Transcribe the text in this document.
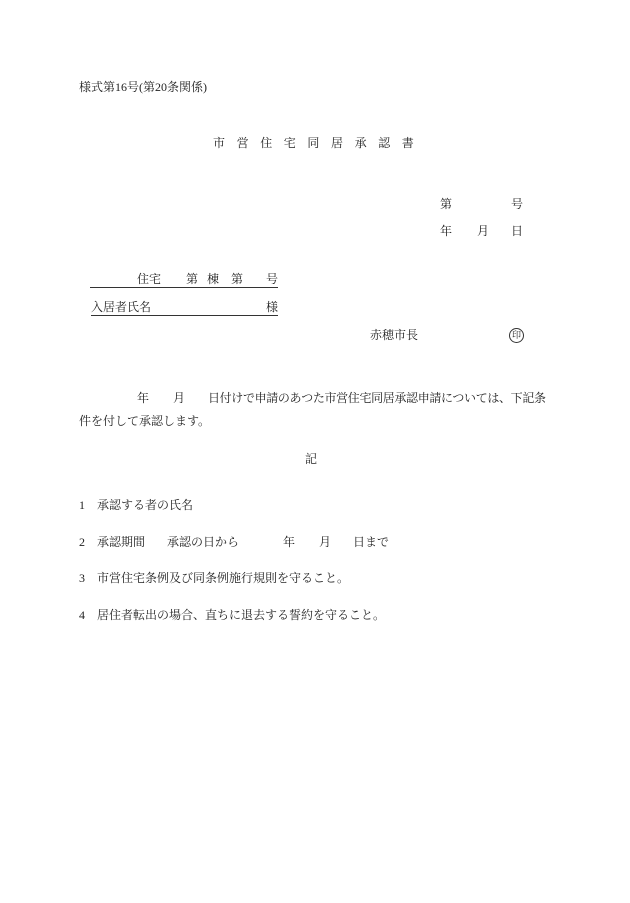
様式第16号(第20条関係)
市営住宅同居承認書
第	号
年 月 日
住宅 第 棟 第 号
入居者氏名	様
赤穂市長	印
年 月 日付けで申請のあつた市営住宅同居承認申請については、下記条
件を付して承認します。
記
1 承認する者の氏名
2 承認期間 承認の日から	年 月 日まで
3 市営住宅条例及び同条例施行規則を守ること。
4 居住者転出の場合、直ちに退去する誓約を守ること。
